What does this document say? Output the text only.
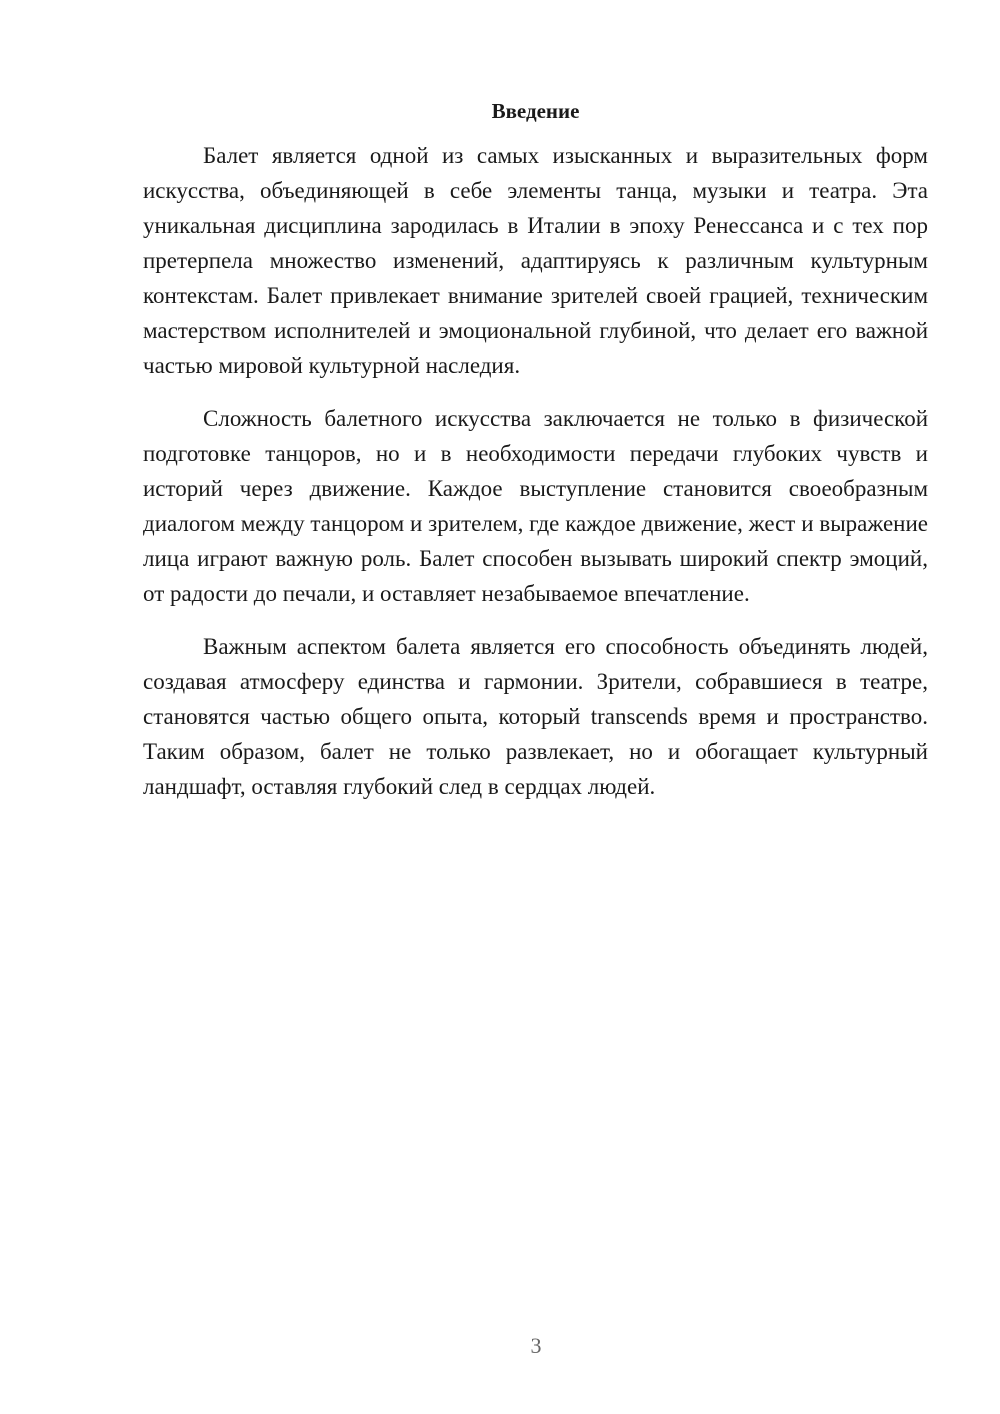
Введение

Балет является одной из самых изысканных и выразительных форм искусства, объединяющей в себе элементы танца, музыки и театра. Эта уникальная дисциплина зародилась в Италии в эпоху Ренессанса и с тех пор претерпела множество изменений, адаптируясь к различным культурным контекстам. Балет привлекает внимание зрителей своей грацией, техническим мастерством исполнителей и эмоциональной глубиной, что делает его важной частью мировой культурной наследия.

Сложность балетного искусства заключается не только в физической подготовке танцоров, но и в необходимости передачи глубоких чувств и историй через движение. Каждое выступление становится своеобразным диалогом между танцором и зрителем, где каждое движение, жест и выражение лица играют важную роль. Балет способен вызывать широкий спектр эмоций, от радости до печали, и оставляет незабываемое впечатление.

Важным аспектом балета является его способность объединять людей, создавая атмосферу единства и гармонии. Зрители, собравшиеся в театре, становятся частью общего опыта, который transcends время и пространство. Таким образом, балет не только развлекает, но и обогащает культурный ландшафт, оставляя глубокий след в сердцах людей.

3
